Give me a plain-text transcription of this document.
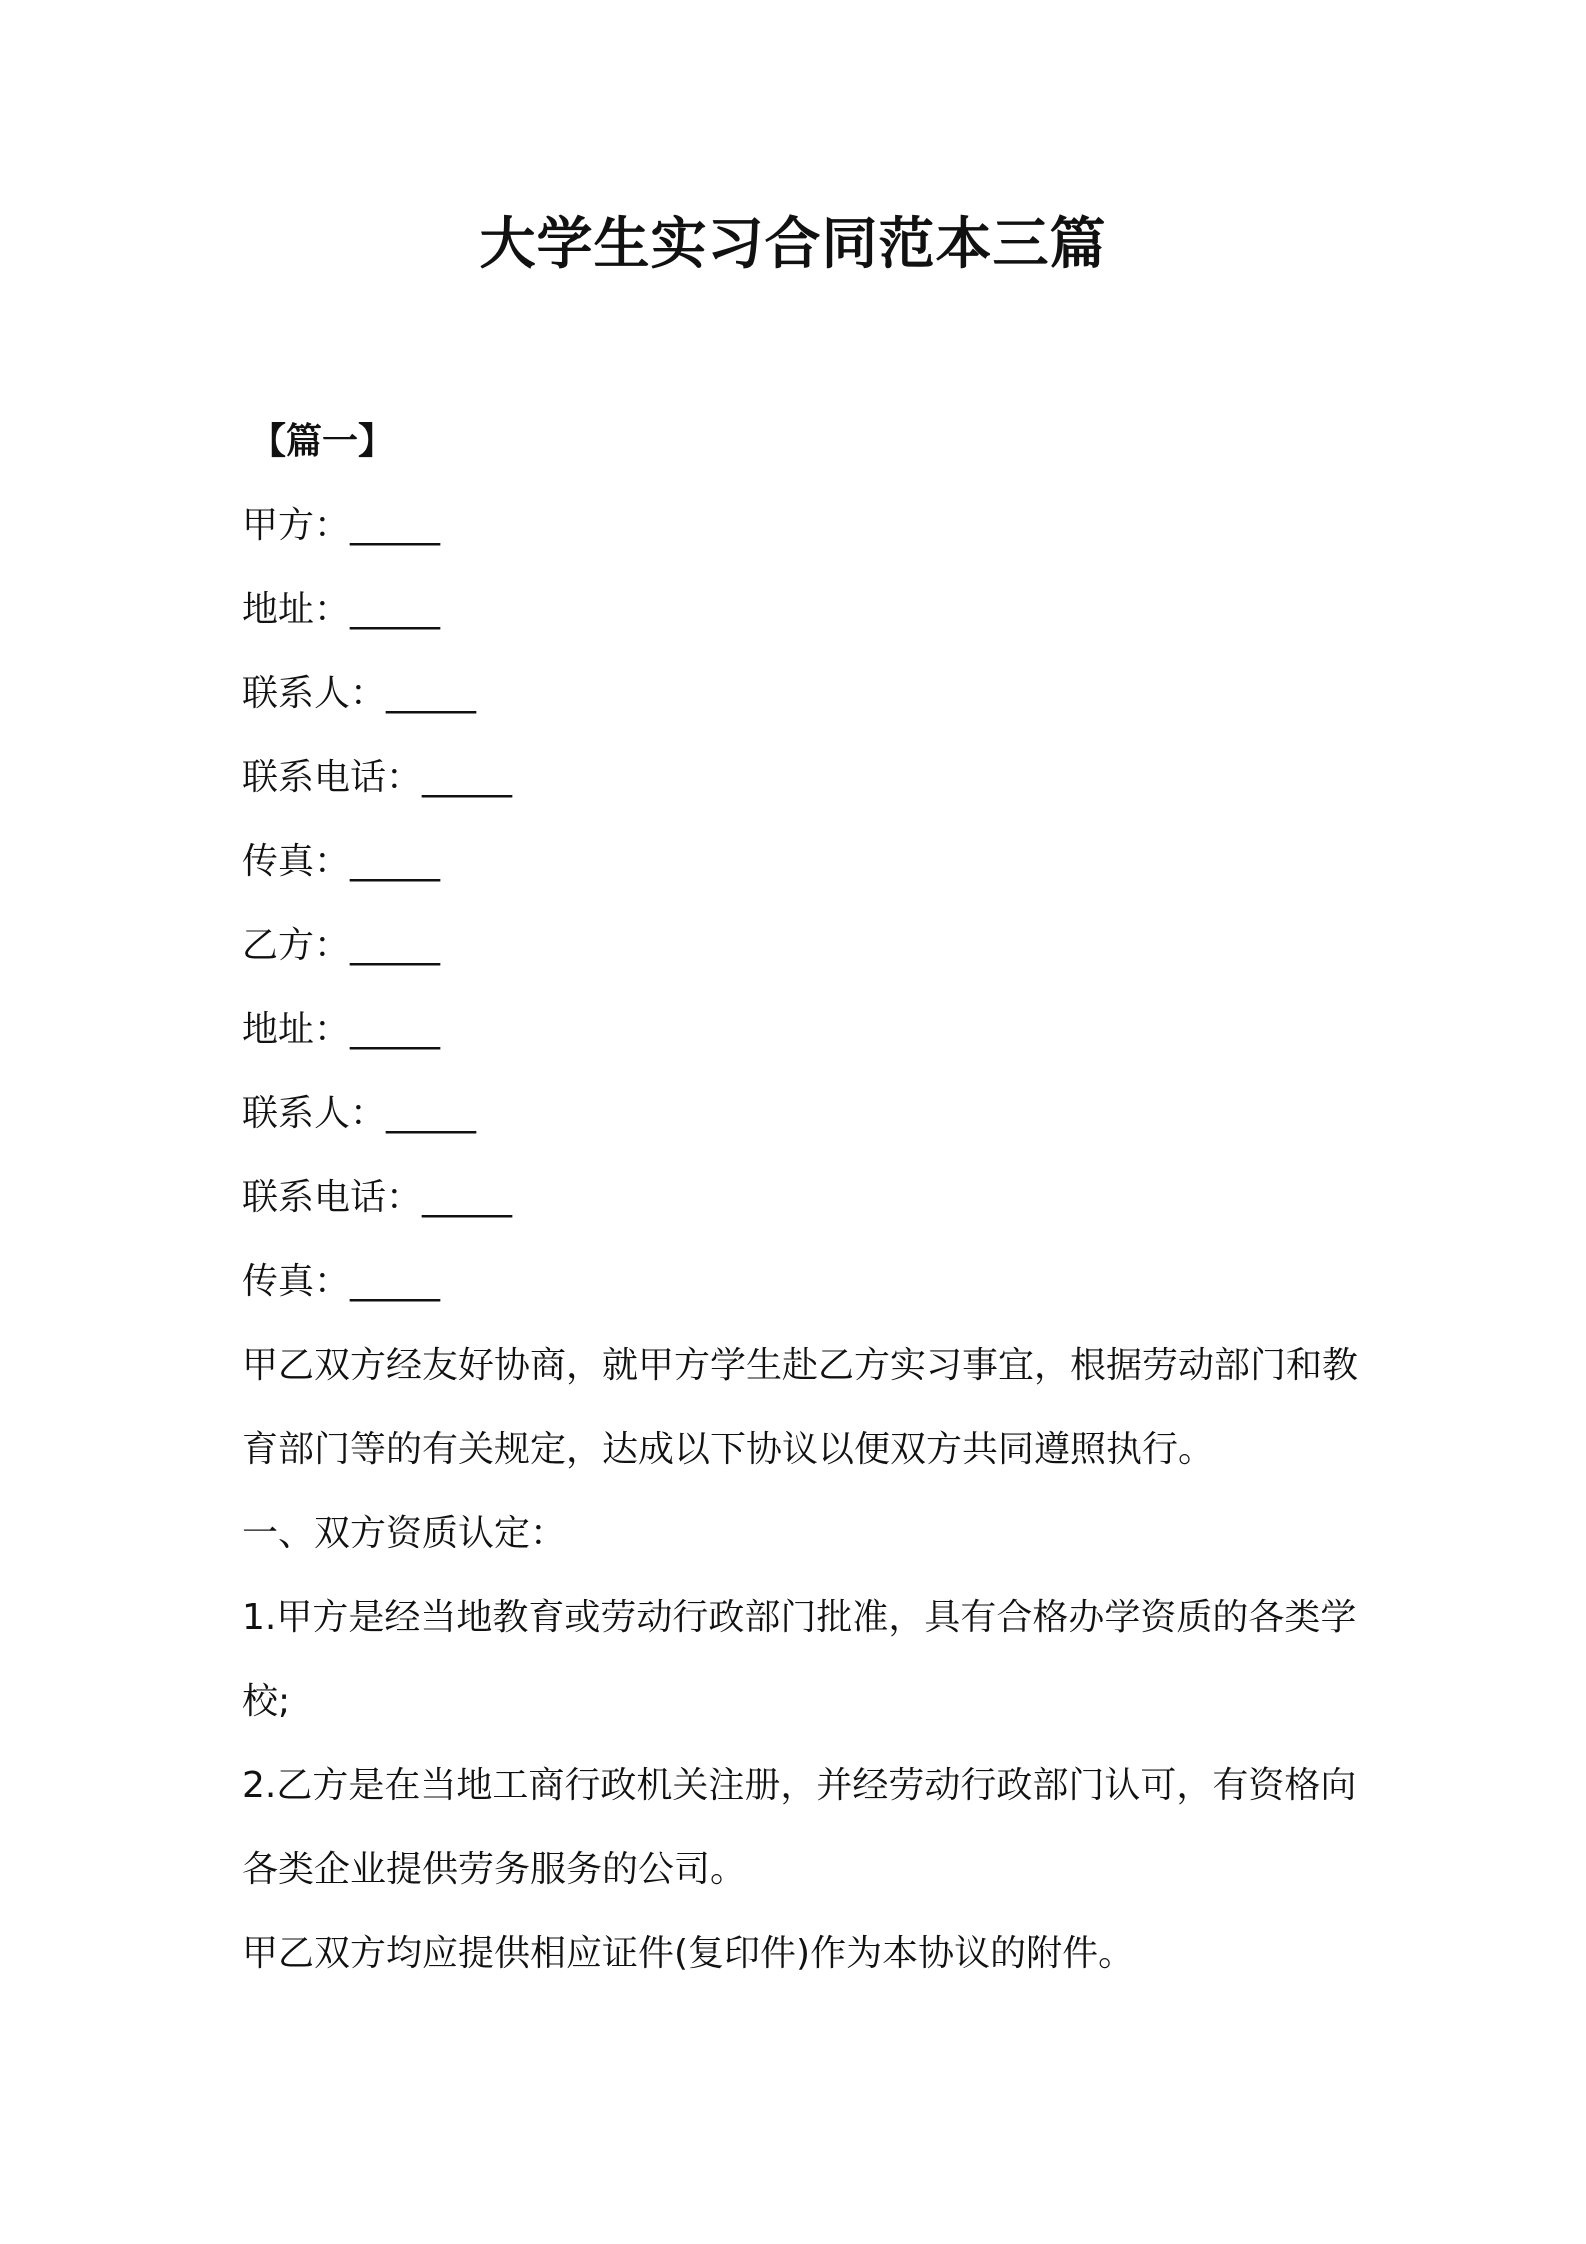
大学生实习合同范本三篇
【篇一】
甲方：_____
地址：_____
联系人：_____
联系电话：_____
传真：_____
乙方：_____
地址：_____
联系人：_____
联系电话：_____
传真：_____
甲乙双方经友好协商，就甲方学生赴乙方实习事宜，根据劳动部门和教育部门等的有关规定，达成以下协议以便双方共同遵照执行。
一、双方资质认定：
1.甲方是经当地教育或劳动行政部门批准，具有合格办学资质的各类学校;
2.乙方是在当地工商行政机关注册，并经劳动行政部门认可，有资格向各类企业提供劳务服务的公司。
甲乙双方均应提供相应证件(复印件)作为本协议的附件。
